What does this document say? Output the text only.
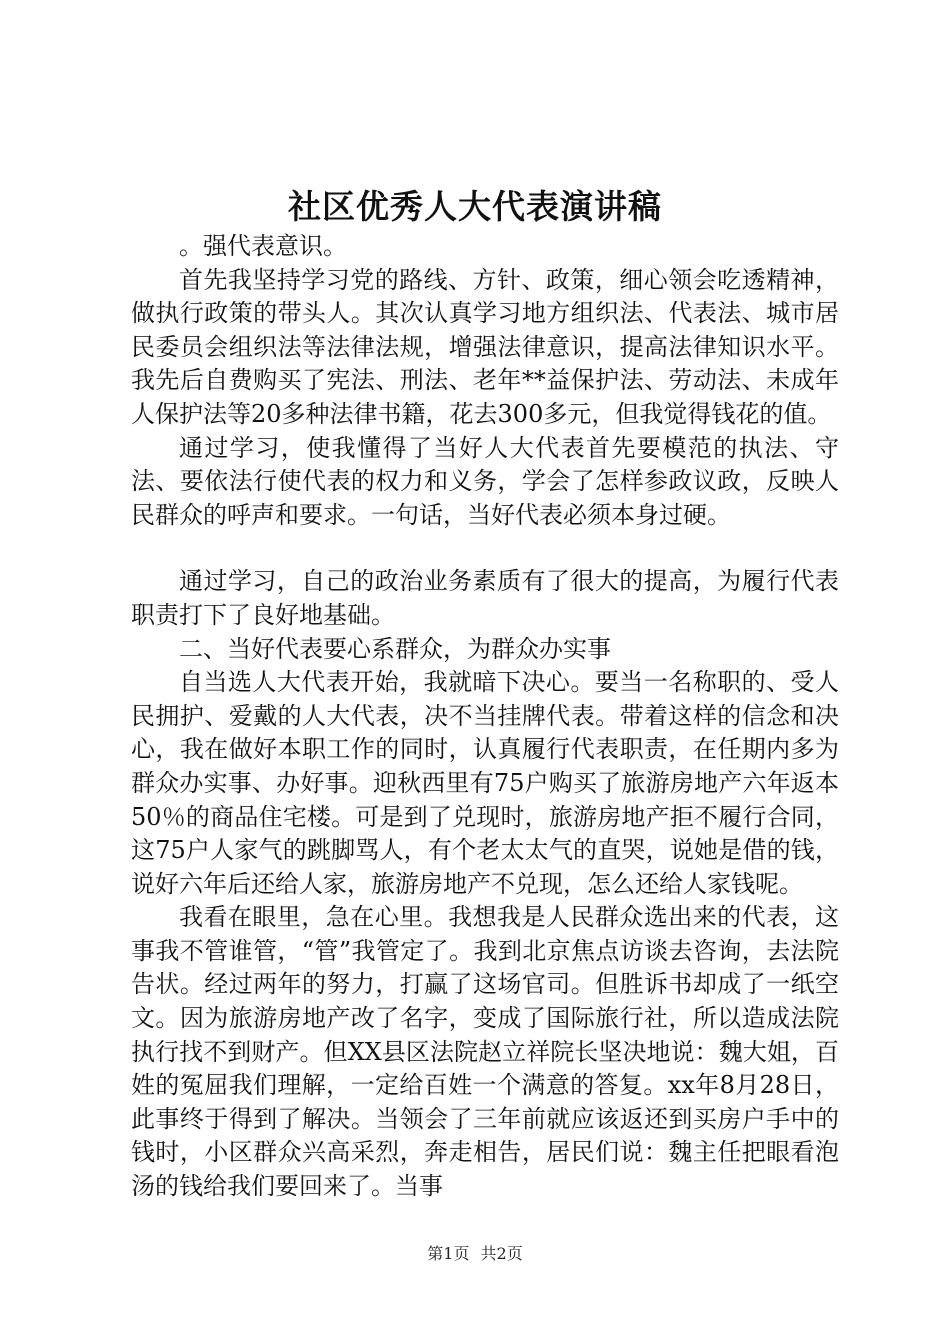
社区优秀人大代表演讲稿

。强代表意识。

首先我坚持学习党的路线、方针、政策，细心领会吃透精神，做执行政策的带头人。其次认真学习地方组织法、代表法、城市居民委员会组织法等法律法规，增强法律意识，提高法律知识水平。我先后自费购买了宪法、刑法、老年**益保护法、劳动法、未成年人保护法等20多种法律书籍，花去300多元，但我觉得钱花的值。

通过学习，使我懂得了当好人大代表首先要模范的执法、守法、要依法行使代表的权力和义务，学会了怎样参政议政，反映人民群众的呼声和要求。一句话，当好代表必须本身过硬。

通过学习，自己的政治业务素质有了很大的提高，为履行代表职责打下了良好地基础。

二、当好代表要心系群众，为群众办实事

自当选人大代表开始，我就暗下决心。要当一名称职的、受人民拥护、爱戴的人大代表，决不当挂牌代表。带着这样的信念和决心，我在做好本职工作的同时，认真履行代表职责，在任期内多为群众办实事、办好事。迎秋西里有75户购买了旅游房地产六年返本50％的商品住宅楼。可是到了兑现时，旅游房地产拒不履行合同，这75户人家气的跳脚骂人，有个老太太气的直哭，说她是借的钱，说好六年后还给人家，旅游房地产不兑现，怎么还给人家钱呢。

我看在眼里，急在心里。我想我是人民群众选出来的代表，这事我不管谁管，“管”我管定了。我到北京焦点访谈去咨询，去法院告状。经过两年的努力，打赢了这场官司。但胜诉书却成了一纸空文。因为旅游房地产改了名字，变成了国际旅行社，所以造成法院执行找不到财产。但XX县区法院赵立祥院长坚决地说：魏大姐，百姓的冤屈我们理解，一定给百姓一个满意的答复。xx年8月28日，此事终于得到了解决。当领会了三年前就应该返还到买房户手中的钱时，小区群众兴高采烈，奔走相告，居民们说：魏主任把眼看泡汤的钱给我们要回来了。当事

第1页 共2页
